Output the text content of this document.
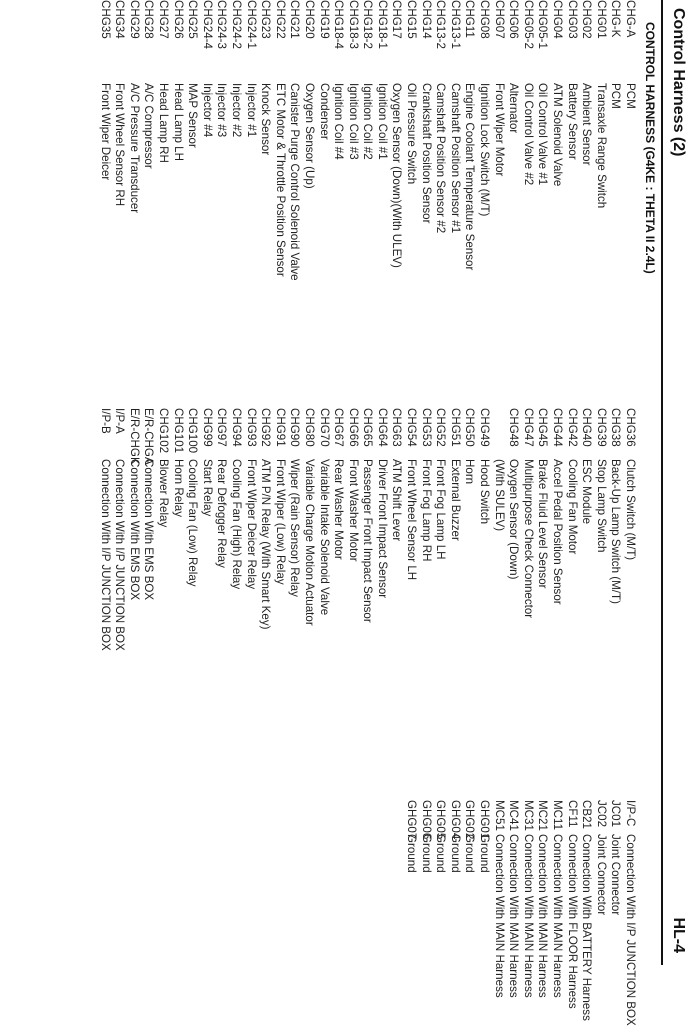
Control Harness (2)
HL-4
CONTROL HARNESS (G4KE : THETA II 2.4L)
CHG-A
PCM
CHG-K
PCM
CHG01
Transaxle Range Switch
CHG02
Ambient Sensor
CHG03
Battery Sensor
CHG04
ATM Solenoid Valve
CHG05-1
Oil Control Valve #1
CHG05-2
Oil Control Valve #2
CHG06
Alternator
CHG07
Front Wiper Motor
CHG08
Ignition Lock Switch (M/T)
CHG11
Engine Coolant Temperature Sensor
CHG13-1
Camshaft Position Sensor #1
CHG13-2
Camshaft Position Sensor #2
CHG14
Crankshaft Position Sensor
CHG15
Oil Pressure Switch
CHG17
Oxygen Sensor (Down)(With ULEV)
CHG18-1
Ignition Coil #1
CHG18-2
Ignition Coil #2
CHG18-3
Ignition Coil #3
CHG18-4
Ignition Coil #4
CHG19
Condenser
CHG20
Oxygen Sensor (Up)
CHG21
Canister Purge Control Solenoid Valve
CHG22
ETC Motor & Throttle Position Sensor
CHG23
Knock Sensor
CHG24-1
Injector #1
CHG24-2
Injector #2
CHG24-3
Injector #3
CHG24-4
Injector #4
CHG25
MAP Sensor
CHG26
Head Lamp LH
CHG27
Head Lamp RH
CHG28
A/C Compressor
CHG29
A/C Pressure Transducer
CHG34
Front Wheel Sensor RH
CHG35
Front Wiper Deicer
CHG36
Clutch Switch (M/T)
CHG38
Back-Up Lamp Switch (M/T)
CHG39
Stop Lamp Switch
CHG40
ESC Module
CHG42
Cooling Fan Motor
CHG44
Accel Pedal Position Sensor
CHG45
Brake Fluid Level Sensor
CHG47
Multipurpose Check Connector
CHG48
Oxygen Sensor (Down)
(With SULEV)
CHG49
Hood Switch
CHG50
Horn
CHG51
External Buzzer
CHG52
Front Fog Lamp LH
CHG53
Front Fog Lamp RH
CHG54
Front Wheel Sensor LH
CHG63
ATM Shift Lever
CHG64
Driver Front Impact Sensor
CHG65
Passenger Front Impact Sensor
CHG66
Front Washer Motor
CHG67
Rear Washer Motor
CHG70
Variable Intake Solenoid Valve
CHG80
Variable Charge Motion Actuator
CHG90
Wiper (Rain Sensor) Relay
CHG91
Front Wiper (Low) Relay
CHG92
ATM P/N Relay (With Smart Key)
CHG93
Front Wiper Deicer Relay
CHG94
Cooling Fan (High) Relay
CHG97
Rear Defogger Relay
CHG99
Start Relay
CHG100
Cooling Fan (Low) Relay
CHG101
Horn Relay
CHG102
Blower Relay
E/R-CHGA
Connection With EMS BOX
E/R-CHGK
Connection With EMS BOX
I/P-A
Connection With I/P JUNCTION BOX
I/P-B
Connection With I/P JUNCTION BOX
I/P-C
Connection With I/P JUNCTION BOX
JC01
Joint Connector
JC02
Joint Connector
CB21
Connection With BATTERY Harness
CF11
Connection With FLOOR Harness
MC11
Connection With MAIN Harness
MC21
Connection With MAIN Harness
MC31
Connection With MAIN Harness
MC41
Connection With MAIN Harness
MC51
Connection With MAIN Harness
GHG01
Ground
GHG02
Ground
GHG04
Ground
GHG05
Ground
GHG06
Ground
GHG07
Ground
